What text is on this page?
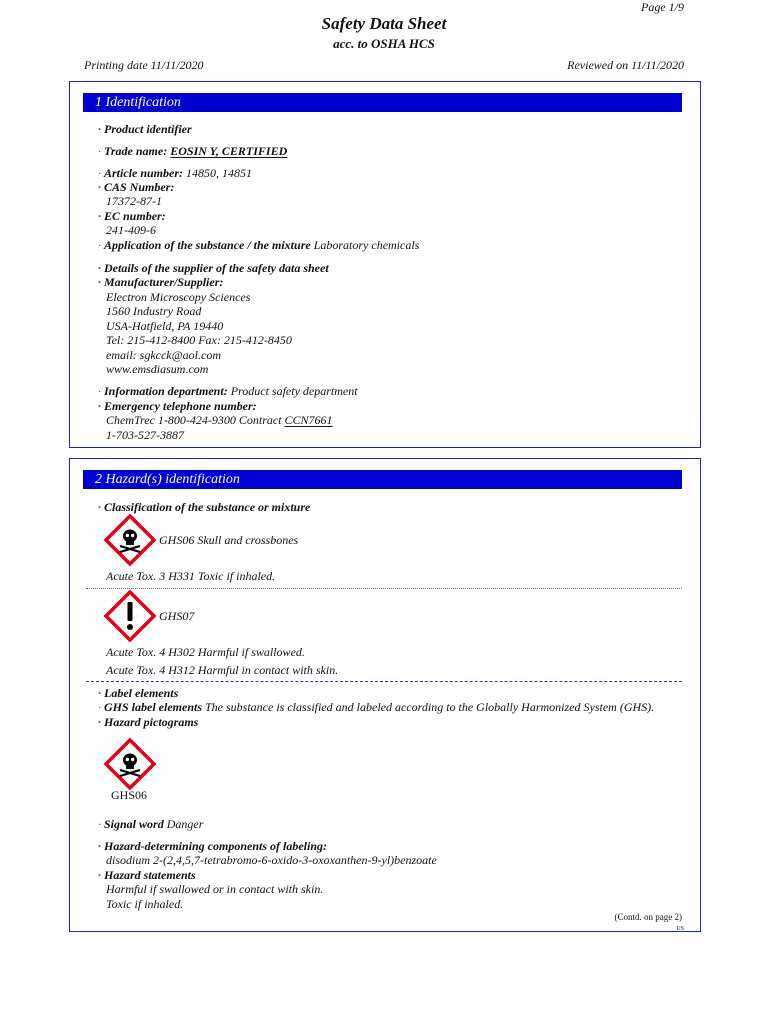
Page 1/9
Safety Data Sheet
acc. to OSHA HCS
Printing date 11/11/2020	Reviewed on 11/11/2020
1 Identification
· Product identifier
· Trade name: EOSIN Y, CERTIFIED
· Article number: 14850, 14851
· CAS Number:
17372-87-1
· EC number:
241-409-6
· Application of the substance / the mixture Laboratory chemicals
· Details of the supplier of the safety data sheet
· Manufacturer/Supplier:
Electron Microscopy Sciences
1560 Industry Road
USA-Hatfield, PA 19440
Tel: 215-412-8400 Fax: 215-412-8450
email: sgkcck@aol.com
www.emsdiasum.com
· Information department: Product safety department
· Emergency telephone number:
ChemTrec 1-800-424-9300 Contract CCN7661
1-703-527-3887
2 Hazard(s) identification
· Classification of the substance or mixture
GHS06 Skull and crossbones
Acute Tox. 3 H331 Toxic if inhaled.
GHS07
Acute Tox. 4 H302 Harmful if swallowed.
Acute Tox. 4 H312 Harmful in contact with skin.
· Label elements
· GHS label elements The substance is classified and labeled according to the Globally Harmonized System (GHS).
· Hazard pictograms
GHS06
· Signal word Danger
· Hazard-determining components of labeling:
disodium 2-(2,4,5,7-tetrabromo-6-oxido-3-oxoxanthen-9-yl)benzoate
· Hazard statements
Harmful if swallowed or in contact with skin.
Toxic if inhaled.
(Contd. on page 2)
US
